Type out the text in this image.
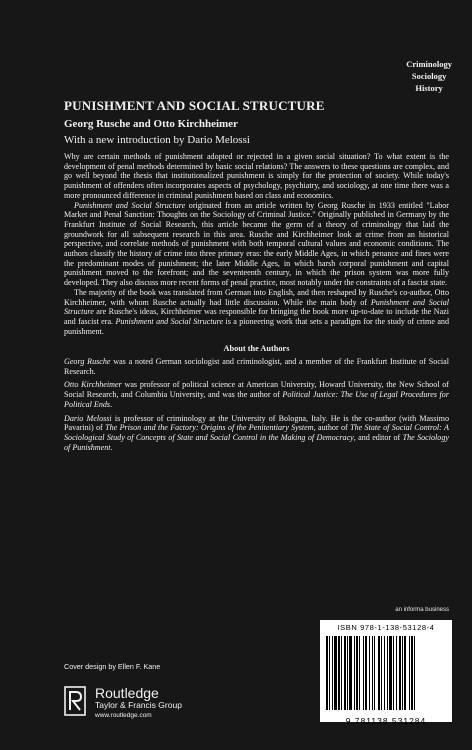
Criminology
Sociology
History
PUNISHMENT AND SOCIAL STRUCTURE
Georg Rusche and Otto Kirchheimer
With a new introduction by Dario Melossi

Why are certain methods of punishment adopted or rejected in a given social situation? To what extent is the development of penal methods determined by basic social relations? The answers to these questions are complex, and go well beyond the thesis that institutionalized punishment is simply for the protection of society. While today's punishment of offenders often incorporates aspects of psychology, psychiatry, and sociology, at one time there was a more pronounced difference in criminal punishment based on class and economics.

Punishment and Social Structure originated from an article written by Georg Rusche in 1933 entitled "Labor Market and Penal Sanction: Thoughts on the Sociology of Criminal Justice." Originally published in Germany by the Frankfurt Institute of Social Research, this article became the germ of a theory of criminology that laid the groundwork for all subsequent research in this area. Rusche and Kirchheimer look at crime from an historical perspective, and correlate methods of punishment with both temporal cultural values and economic conditions. The authors classify the history of crime into three primary eras: the early Middle Ages, in which penance and fines were the predominant modes of punishment; the later Middle Ages, in which harsh corporal punishment and capital punishment moved to the forefront; and the seventeenth century, in which the prison system was more fully developed. They also discuss more recent forms of penal practice, most notably under the constraints of a fascist state.

The majority of the book was translated from German into English, and then reshaped by Rusche's co-author, Otto Kirchheimer, with whom Rusche actually had little discussion. While the main body of Punishment and Social Structure are Rusche's ideas, Kirchheimer was responsible for bringing the book more up-to-date to include the Nazi and fascist era. Punishment and Social Structure is a pioneering work that sets a paradigm for the study of crime and punishment.

About the Authors

Georg Rusche was a noted German sociologist and criminologist, and a member of the Frankfurt Institute of Social Research.

Otto Kirchheimer was professor of political science at American University, Howard University, the New School of Social Research, and Columbia University, and was the author of Political Justice: The Use of Legal Procedures for Political Ends.

Dario Melossi is professor of criminology at the University of Bologna, Italy. He is the co-author (with Massimo Pavarini) of The Prison and the Factory: Origins of the Penitentiary System, author of The State of Social Control: A Sociological Study of Concepts of State and Social Control in the Making of Democracy, and editor of The Sociology of Punishment.

an informa business
ISBN 978-1-138-53128-4
9 781138 531284
Cover design by Ellen F. Kane
Routledge
Taylor & Francis Group
www.routledge.com
